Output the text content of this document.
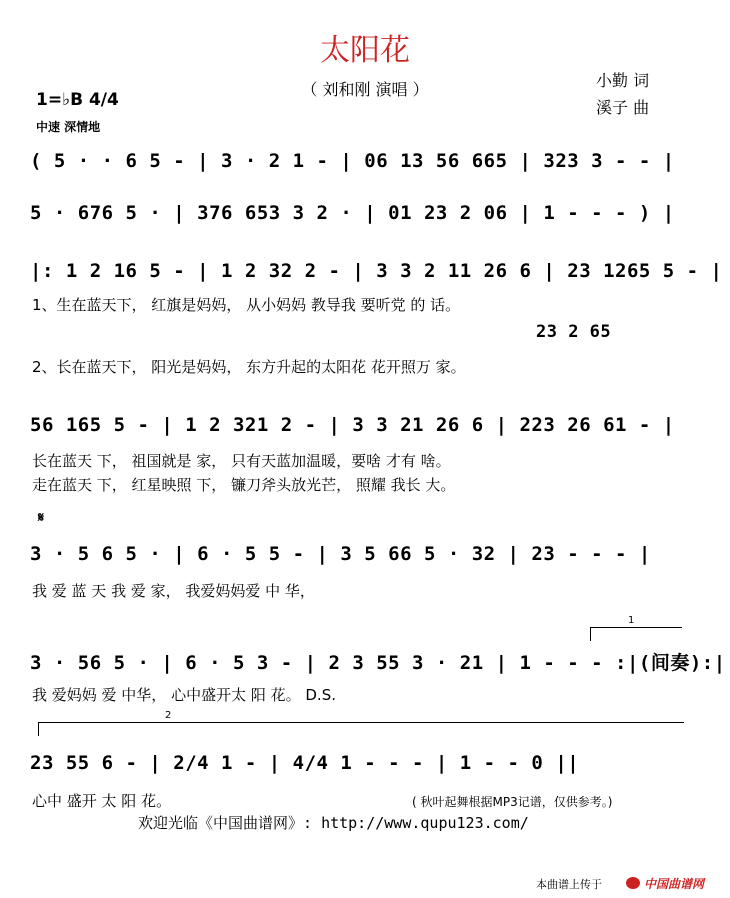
太阳花
（ 刘和刚 演唱 ）	小勤 词
溪子 曲
1=♭B 4/4
中速 深情地
( 5 · · 6 5 - | 3 · 2 1 - | 06 13 56 665 | 323 3 - - |
5 · 676 5 · | 376 653 3 2 · | 01 23 2 06 | 1 - - - ) |
|: 1 2 16 5 - | 1 2 32 2 - | 3 3 2 11 26 6 | 23 1265 5 - |
1、生在蓝天下， 红旗是妈妈， 从小妈妈 教导我 要听党 的 话。
23 2 65
2、长在蓝天下， 阳光是妈妈， 东方升起的太阳花 花开照万 家。
56 165 5 - | 1 2 321 2 - | 3 3 21 26 6 | 223 26 61 - |
长在蓝天 下， 祖国就是 家， 只有天蓝加温暖，要啥 才有 啥。
走在蓝天 下， 红星映照 下， 镰刀斧头放光芒， 照耀 我长 大。
𝄋
3 · 5 6 5 · | 6 · 5 5 - | 3 5 66 5 · 32 | 23 - - - |
我 爱 蓝 天 我 爱 家， 我爱妈妈爱 中 华，
1
3 · 56 5 · | 6 · 5 3 - | 2 3 55 3 · 21 | 1 - - - :|(间奏):|
我 爱妈妈 爱 中华， 心中盛开太 阳 花。 D.S.
2
23 55 6 - | 2/4 1 - | 4/4 1 - - - | 1 - - 0 ||
心中 盛开 太 阳 花。	( 秋叶起舞根据MP3记谱，仅供参考。)
欢迎光临《中国曲谱网》: http://www.qupu123.com/
本曲谱上传于	中国曲谱网
